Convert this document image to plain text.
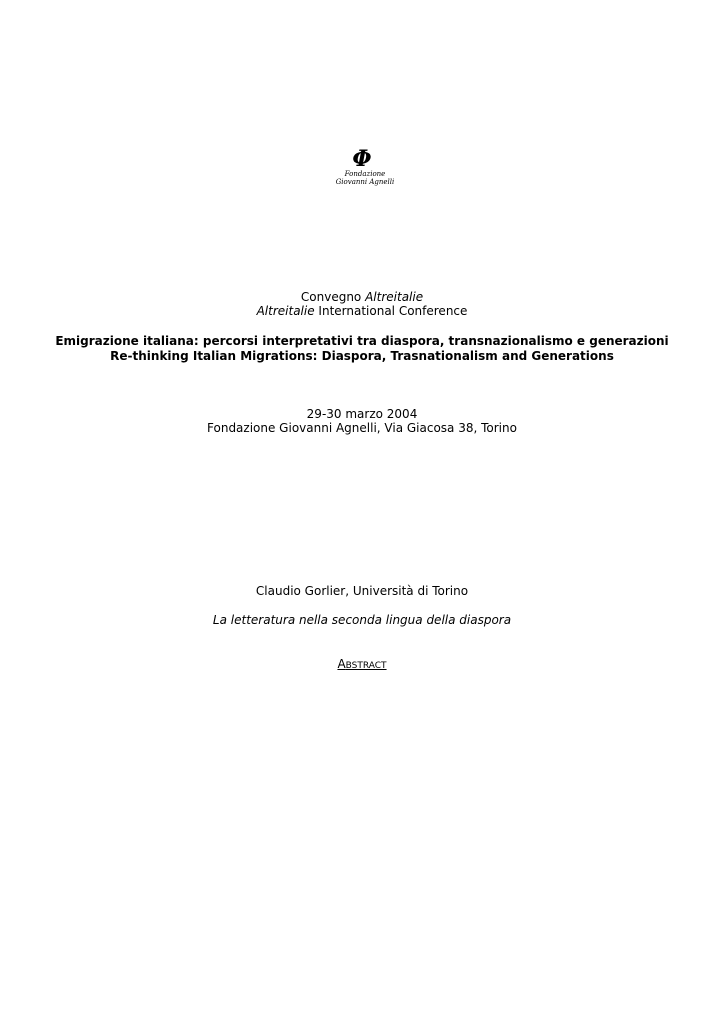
Φ
Fondazione
Giovanni Agnelli
Convegno Altreitalie
Altreitalie International Conference
Emigrazione italiana: percorsi interpretativi tra diaspora, transnazionalismo e generazioni
Re-thinking Italian Migrations: Diaspora, Trasnationalism and Generations
29-30 marzo 2004
Fondazione Giovanni Agnelli, Via Giacosa 38, Torino
Claudio Gorlier, Università di Torino
La letteratura nella seconda lingua della diaspora
ABSTRACT
